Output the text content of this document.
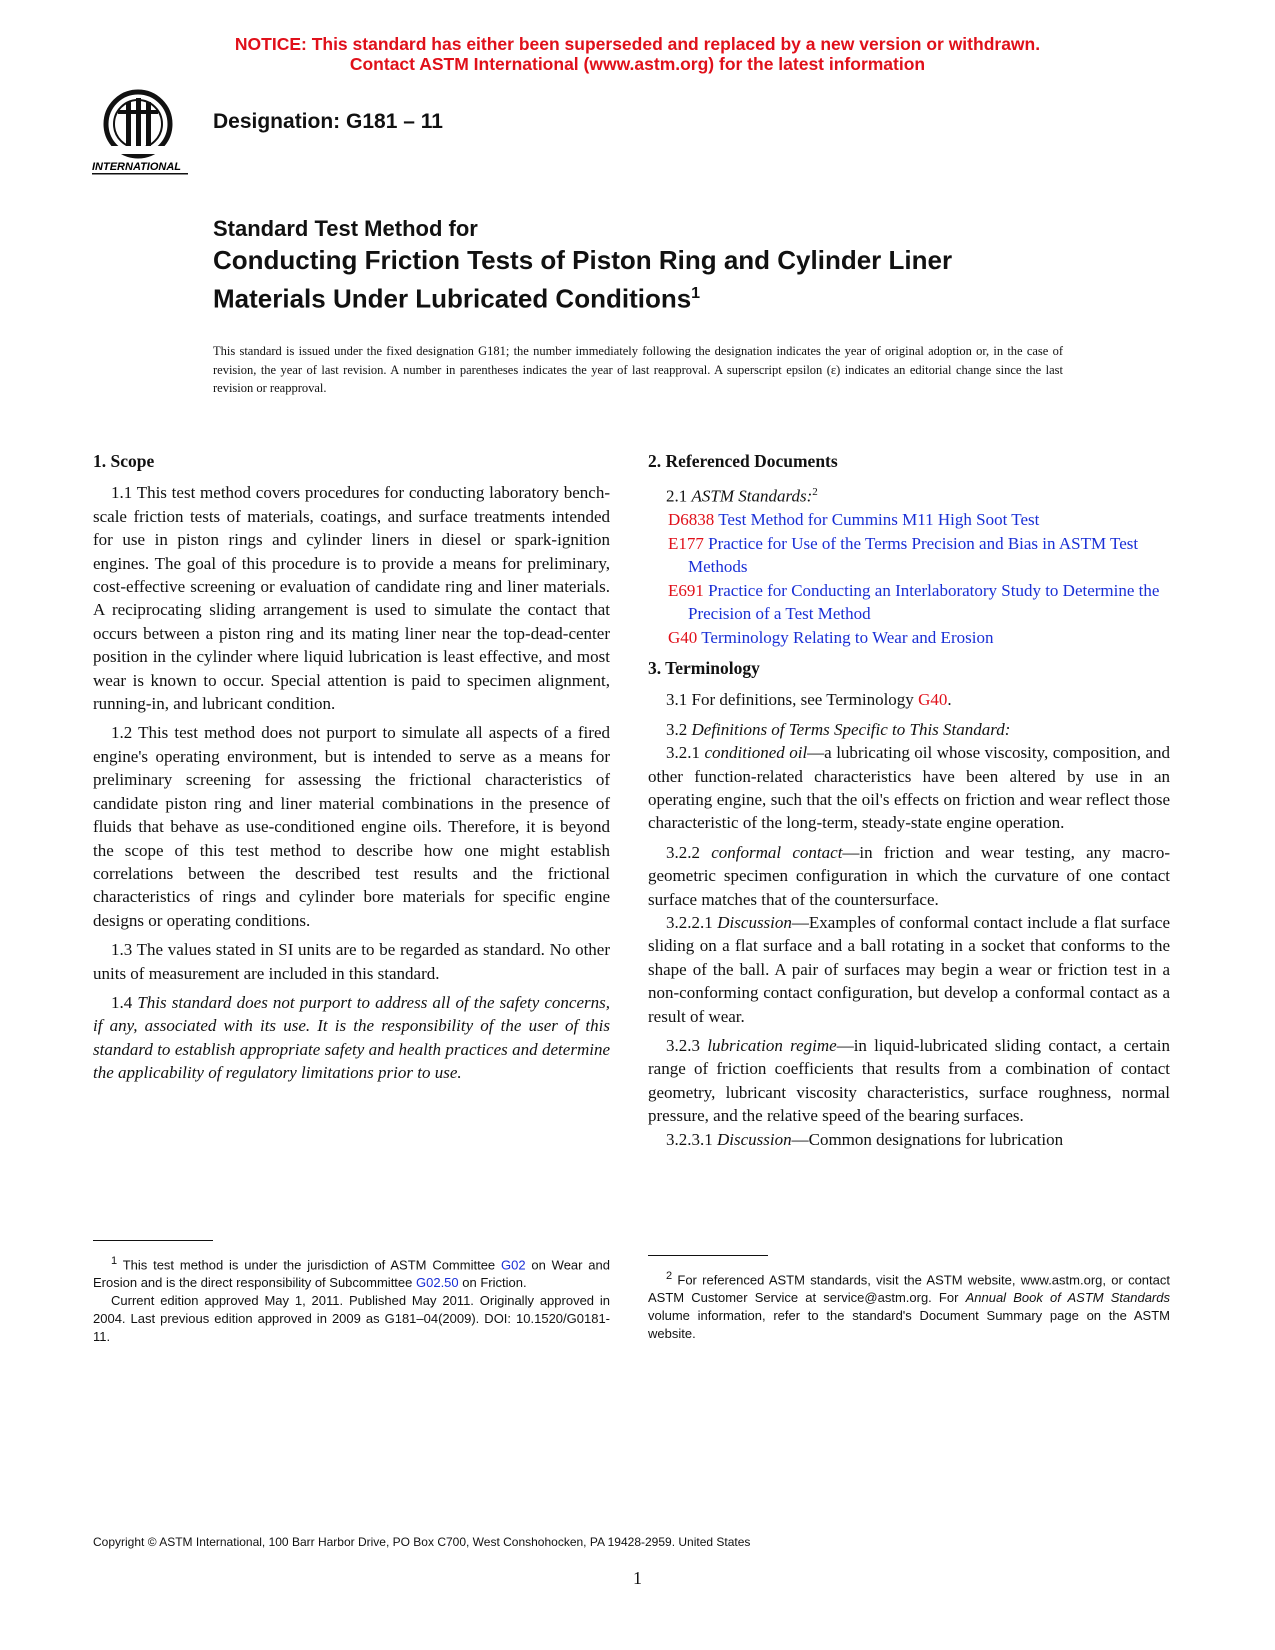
NOTICE: This standard has either been superseded and replaced by a new version or withdrawn.
Contact ASTM International (www.astm.org) for the latest information
INTERNATIONAL
Designation: G181 – 11
Standard Test Method for
Conducting Friction Tests of Piston Ring and Cylinder Liner
Materials Under Lubricated Conditions$^1$
This standard is issued under the fixed designation G181; the number immediately following the designation indicates the year of original adoption or, in the case of revision, the year of last revision. A number in parentheses indicates the year of last reapproval. A superscript epsilon (ε) indicates an editorial change since the last revision or reapproval.
1. Scope

1.1 This test method covers procedures for conducting laboratory bench-scale friction tests of materials, coatings, and surface treatments intended for use in piston rings and cylinder liners in diesel or spark-ignition engines. The goal of this procedure is to provide a means for preliminary, cost-effective screening or evaluation of candidate ring and liner materials. A reciprocating sliding arrangement is used to simulate the contact that occurs between a piston ring and its mating liner near the top-dead-center position in the cylinder where liquid lubrication is least effective, and most wear is known to occur. Special attention is paid to specimen alignment, running-in, and lubricant condition.

1.2 This test method does not purport to simulate all aspects of a fired engine's operating environment, but is intended to serve as a means for preliminary screening for assessing the frictional characteristics of candidate piston ring and liner material combinations in the presence of fluids that behave as use-conditioned engine oils. Therefore, it is beyond the scope of this test method to describe how one might establish correlations between the described test results and the frictional characteristics of rings and cylinder bore materials for specific engine designs or operating conditions.

1.3 The values stated in SI units are to be regarded as standard. No other units of measurement are included in this standard.

1.4 This standard does not purport to address all of the safety concerns, if any, associated with its use. It is the responsibility of the user of this standard to establish appropriate safety and health practices and determine the applicability of regulatory limitations prior to use.

2. Referenced Documents

2.1 ASTM Standards:$^2$

D6838 Test Method for Cummins M11 High Soot Test
E177 Practice for Use of the Terms Precision and Bias in ASTM Test Methods
E691 Practice for Conducting an Interlaboratory Study to Determine the Precision of a Test Method
G40 Terminology Relating to Wear and Erosion
3. Terminology

3.1 For definitions, see Terminology G40.

3.2 Definitions of Terms Specific to This Standard:

3.2.1 conditioned oil—a lubricating oil whose viscosity, composition, and other function-related characteristics have been altered by use in an operating engine, such that the oil's effects on friction and wear reflect those characteristic of the long-term, steady-state engine operation.

3.2.2 conformal contact—in friction and wear testing, any macro-geometric specimen configuration in which the curvature of one contact surface matches that of the countersurface.

3.2.2.1 Discussion—Examples of conformal contact include a flat surface sliding on a flat surface and a ball rotating in a socket that conforms to the shape of the ball. A pair of surfaces may begin a wear or friction test in a non-conforming contact configuration, but develop a conformal contact as a result of wear.

3.2.3 lubrication regime—in liquid-lubricated sliding contact, a certain range of friction coefficients that results from a combination of contact geometry, lubricant viscosity characteristics, surface roughness, normal pressure, and the relative speed of the bearing surfaces.

3.2.3.1 Discussion—Common designations for lubrication

$^1$ This test method is under the jurisdiction of ASTM Committee G02 on Wear and Erosion and is the direct responsibility of Subcommittee G02.50 on Friction.

Current edition approved May 1, 2011. Published May 2011. Originally approved in 2004. Last previous edition approved in 2009 as G181–04(2009). DOI: 10.1520/G0181-11.

$^2$ For referenced ASTM standards, visit the ASTM website, www.astm.org, or contact ASTM Customer Service at service@astm.org. For Annual Book of ASTM Standards volume information, refer to the standard's Document Summary page on the ASTM website.

Copyright © ASTM International, 100 Barr Harbor Drive, PO Box C700, West Conshohocken, PA 19428-2959. United States
1
